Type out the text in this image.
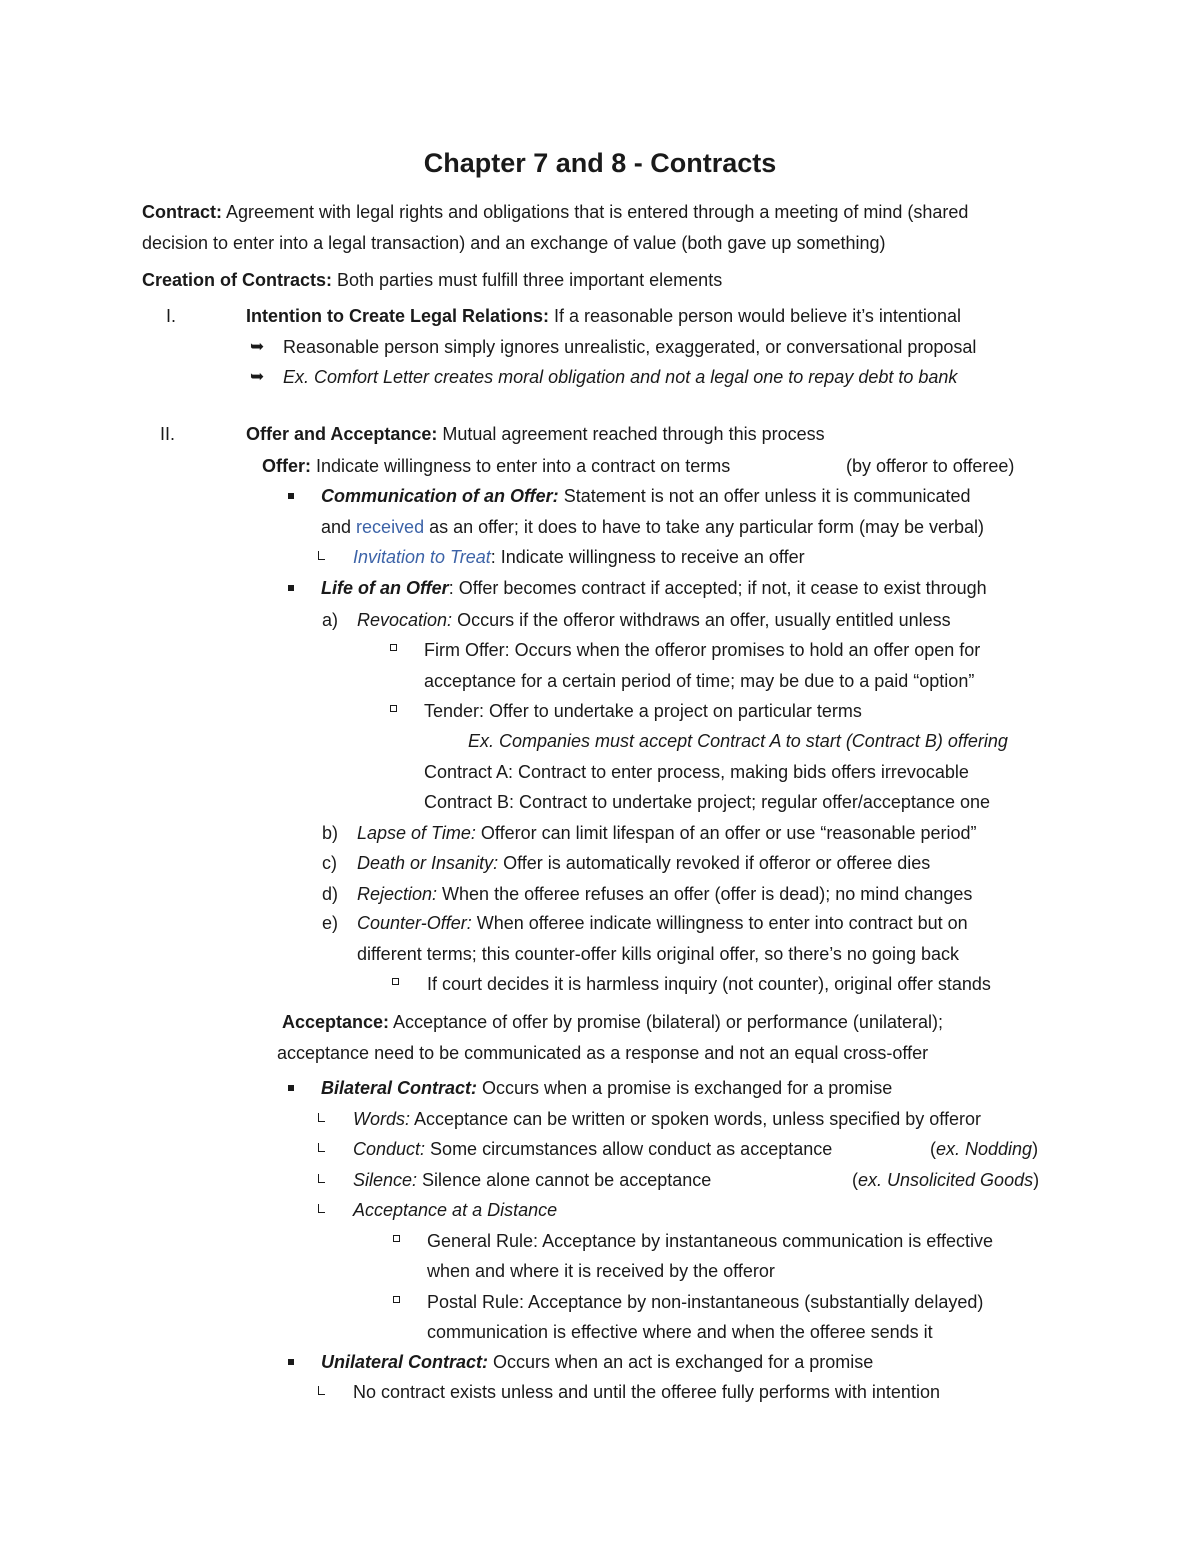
Chapter 7 and 8 - Contracts
Contract: Agreement with legal rights and obligations that is entered through a meeting of mind (shared
decision to enter into a legal transaction) and an exchange of value (both gave up something)
Creation of Contracts: Both parties must fulfill three important elements
I.	Intention to Create Legal Relations: If a reasonable person would believe it’s intentional
➥ Reasonable person simply ignores unrealistic, exaggerated, or conversational proposal
➥ Ex. Comfort Letter creates moral obligation and not a legal one to repay debt to bank
II.	Offer and Acceptance: Mutual agreement reached through this process
Offer: Indicate willingness to enter into a contract on terms	(by offeror to offeree)
Communication of an Offer: Statement is not an offer unless it is communicated
and received as an offer; it does to have to take any particular form (may be verbal)
Invitation to Treat: Indicate willingness to receive an offer
Life of an Offer: Offer becomes contract if accepted; if not, it cease to exist through
a) Revocation: Occurs if the offeror withdraws an offer, usually entitled unless
Firm Offer: Occurs when the offeror promises to hold an offer open for
acceptance for a certain period of time; may be due to a paid “option”
Tender: Offer to undertake a project on particular terms
Ex. Companies must accept Contract A to start (Contract B) offering
Contract A: Contract to enter process, making bids offers irrevocable
Contract B: Contract to undertake project; regular offer/acceptance one
b) Lapse of Time: Offeror can limit lifespan of an offer or use “reasonable period”
c) Death or Insanity: Offer is automatically revoked if offeror or offeree dies
d) Rejection: When the offeree refuses an offer (offer is dead); no mind changes
e) Counter-Offer: When offeree indicate willingness to enter into contract but on
different terms; this counter-offer kills original offer, so there’s no going back
If court decides it is harmless inquiry (not counter), original offer stands
Acceptance: Acceptance of offer by promise (bilateral) or performance (unilateral);
acceptance need to be communicated as a response and not an equal cross-offer
Bilateral Contract: Occurs when a promise is exchanged for a promise
Words: Acceptance can be written or spoken words, unless specified by offeror
Conduct: Some circumstances allow conduct as acceptance	(ex. Nodding)
Silence: Silence alone cannot be acceptance	(ex. Unsolicited Goods)
Acceptance at a Distance
General Rule: Acceptance by instantaneous communication is effective
when and where it is received by the offeror
Postal Rule: Acceptance by non-instantaneous (substantially delayed)
communication is effective where and when the offeree sends it
Unilateral Contract: Occurs when an act is exchanged for a promise
No contract exists unless and until the offeree fully performs with intention
